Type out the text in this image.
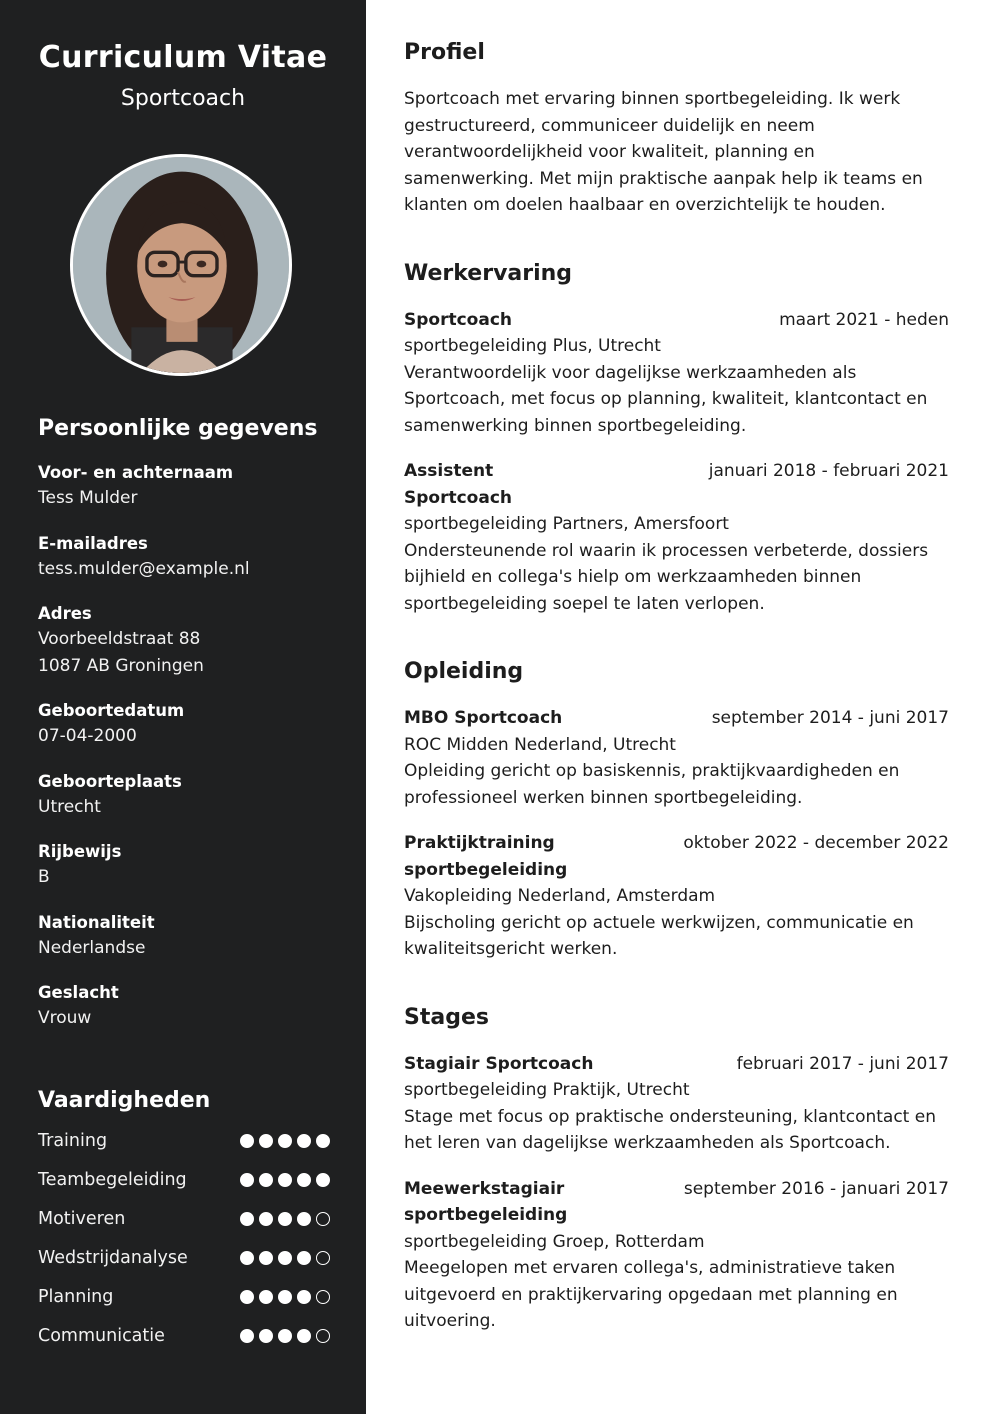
Curriculum Vitae
Sportcoach
Persoonlijke gegevens
Voor- en achternaam
Tess Mulder
E-mailadres
tess.mulder@example.nl
Adres
Voorbeeldstraat 88
1087 AB Groningen
Geboortedatum
07-04-2000
Geboorteplaats
Utrecht
Rijbewijs
B
Nationaliteit
Nederlandse
Geslacht
Vrouw
Vaardigheden
Training
Teambegeleiding
Motiveren
Wedstrijdanalyse
Planning
Communicatie
Profiel

Sportcoach met ervaring binnen sportbegeleiding. Ik werk gestructureerd, communiceer duidelijk en neem verantwoordelijkheid voor kwaliteit, planning en samenwerking. Met mijn praktische aanpak help ik teams en klanten om doelen haalbaar en overzichtelijk te houden.

Werkervaring
Sportcoach	maart 2021 - heden
sportbegeleiding Plus, Utrecht
Verantwoordelijk voor dagelijkse werkzaamheden als Sportcoach, met focus op planning, kwaliteit, klantcontact en samenwerking binnen sportbegeleiding.
Assistent Sportcoach
januari 2018 - februari 2021
sportbegeleiding Partners, Amersfoort
Ondersteunende rol waarin ik processen verbeterde, dossiers bijhield en collega's hielp om werkzaamheden binnen sportbegeleiding soepel te laten verlopen.
Opleiding
MBO Sportcoach	september 2014 - juni 2017
ROC Midden Nederland, Utrecht
Opleiding gericht op basiskennis, praktijkvaardigheden en professioneel werken binnen sportbegeleiding.
Praktijktraining sportbegeleiding
oktober 2022 - december 2022
Vakopleiding Nederland, Amsterdam
Bijscholing gericht op actuele werkwijzen, communicatie en kwaliteitsgericht werken.
Stages
Stagiair Sportcoach	februari 2017 - juni 2017
sportbegeleiding Praktijk, Utrecht
Stage met focus op praktische ondersteuning, klantcontact en het leren van dagelijkse werkzaamheden als Sportcoach.
Meewerkstagiair sportbegeleiding
september 2016 - januari 2017
sportbegeleiding Groep, Rotterdam
Meegelopen met ervaren collega's, administratieve taken uitgevoerd en praktijkervaring opgedaan met planning en uitvoering.
